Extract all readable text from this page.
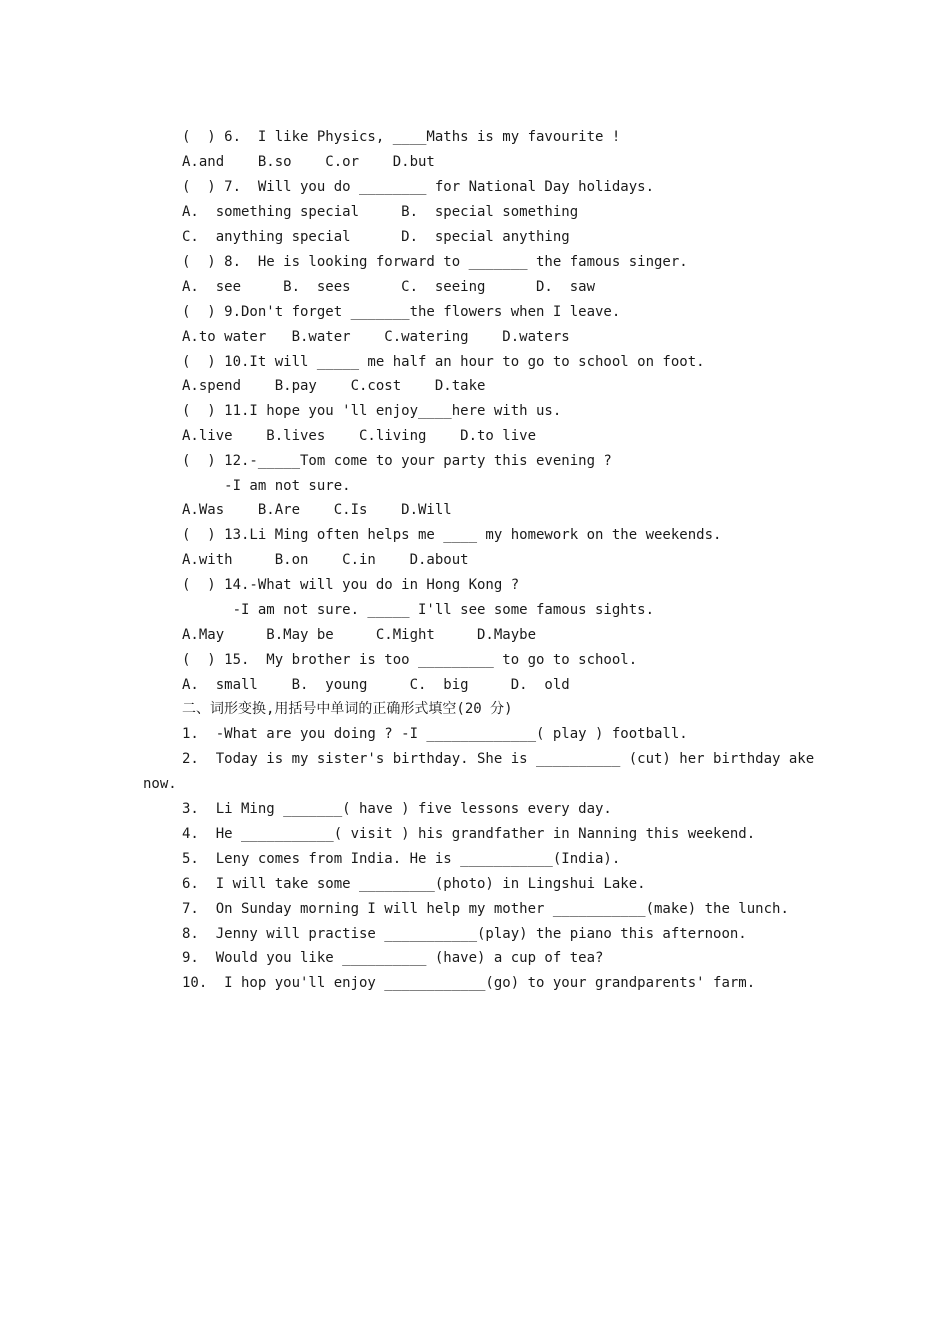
(  ) 6.  I like Physics, ____Maths is my favourite !
A.and    B.so    C.or    D.but
(  ) 7.  Will you do ________ for National Day holidays.
A.  something special     B.  special something
C.  anything special      D.  special anything
(  ) 8.  He is looking forward to _______ the famous singer.
A.  see     B.  sees      C.  seeing      D.  saw
(  ) 9.Don't forget _______the flowers when I leave.
A.to water   B.water    C.watering    D.waters
(  ) 10.It will _____ me half an hour to go to school on foot.
A.spend    B.pay    C.cost    D.take
(  ) 11.I hope you 'll enjoy____here with us.
A.live    B.lives    C.living    D.to live
(  ) 12.-_____Tom come to your party this evening ?
-I am not sure.
A.Was    B.Are    C.Is    D.Will
(  ) 13.Li Ming often helps me ____ my homework on the weekends.
A.with     B.on    C.in    D.about
(  ) 14.-What will you do in Hong Kong ?
-I am not sure. _____ I'll see some famous sights.
A.May     B.May be     C.Might     D.Maybe
(  ) 15.  My brother is too _________ to go to school.
A.  small    B.  young     C.  big     D.  old
二、词形变换,用括号中单词的正确形式填空(20 分)
1.  -What are you doing ? -I _____________( play ) football.
2.  Today is my sister's birthday. She is __________ (cut) her birthday ake
now.
3.  Li Ming _______( have ) five lessons every day.
4.  He ___________( visit ) his grandfather in Nanning this weekend.
5.  Leny comes from India. He is ___________(India).
6.  I will take some _________(photo) in Lingshui Lake.
7.  On Sunday morning I will help my mother ___________(make) the lunch.
8.  Jenny will practise ___________(play) the piano this afternoon.
9.  Would you like __________ (have) a cup of tea?
10.  I hop you'll enjoy ____________(go) to your grandparents' farm.
